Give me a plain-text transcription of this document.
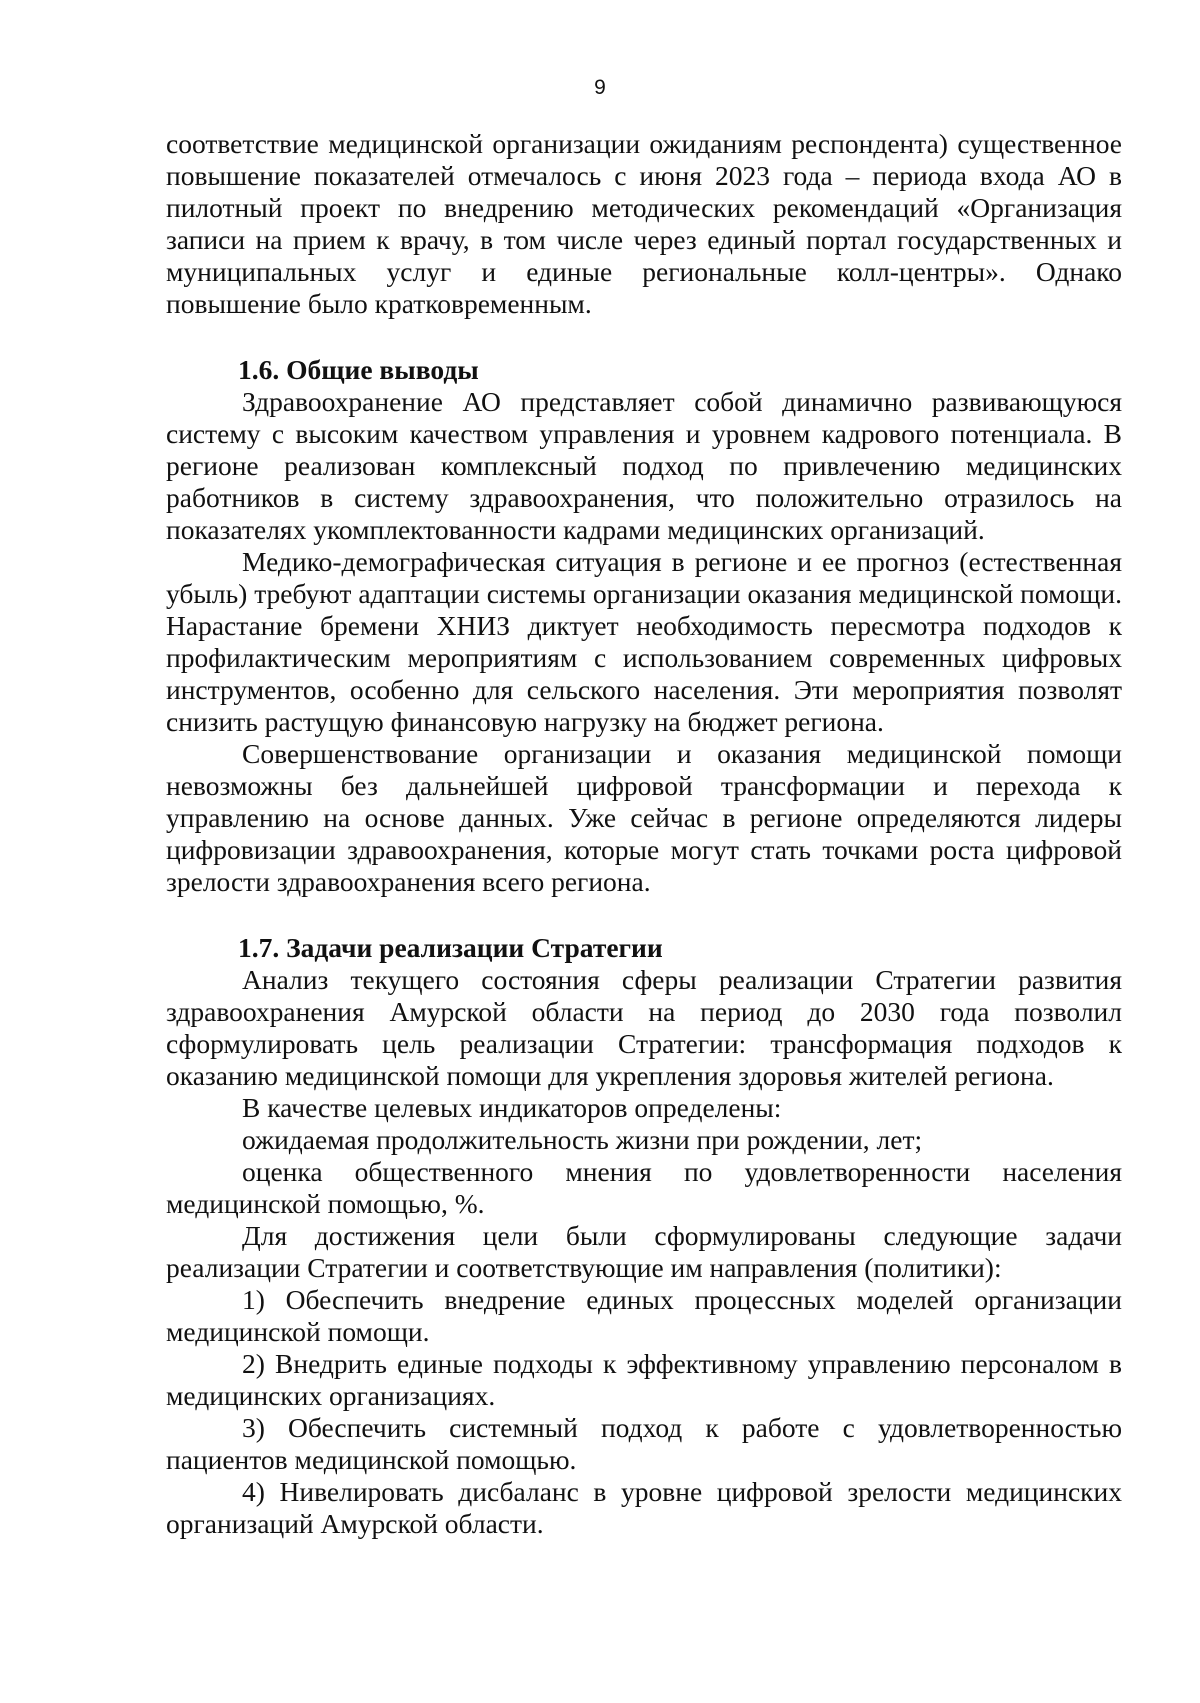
9

соответствие медицинской организации ожиданиям респондента) существенное повышение показателей отмечалось с июня 2023 года – периода входа АО в пилотный проект по внедрению методических рекомендаций «Организация записи на прием к врачу, в том числе через единый портал государственных и муниципальных услуг и единые региональные колл-центры». Однако повышение было кратковременным.

1.6. Общие выводы

Здравоохранение АО представляет собой динамично развивающуюся систему с высоким качеством управления и уровнем кадрового потенциала. В регионе реализован комплексный подход по привлечению медицинских работников в систему здравоохранения, что положительно отразилось на показателях укомплектованности кадрами медицинских организаций.

Медико-демографическая ситуация в регионе и ее прогноз (естественная убыль) требуют адаптации системы организации оказания медицинской помощи. Нарастание бремени ХНИЗ диктует необходимость пересмотра подходов к профилактическим мероприятиям с использованием современных цифровых инструментов, особенно для сельского населения. Эти мероприятия позволят снизить растущую финансовую нагрузку на бюджет региона.

Совершенствование организации и оказания медицинской помощи невозможны без дальнейшей цифровой трансформации и перехода к управлению на основе данных. Уже сейчас в регионе определяются лидеры цифровизации здравоохранения, которые могут стать точками роста цифровой зрелости здравоохранения всего региона.

1.7. Задачи реализации Стратегии

Анализ текущего состояния сферы реализации Стратегии развития здравоохранения Амурской области на период до 2030 года позволил сформулировать цель реализации Стратегии: трансформация подходов к оказанию медицинской помощи для укрепления здоровья жителей региона.

В качестве целевых индикаторов определены:

ожидаемая продолжительность жизни при рождении, лет;

оценка общественного мнения по удовлетворенности населения медицинской помощью, %.

Для достижения цели были сформулированы следующие задачи реализации Стратегии и соответствующие им направления (политики):

1) Обеспечить внедрение единых процессных моделей организации медицинской помощи.

2) Внедрить единые подходы к эффективному управлению персоналом в медицинских организациях.

3) Обеспечить системный подход к работе с удовлетворенностью пациентов медицинской помощью.

4) Нивелировать дисбаланс в уровне цифровой зрелости медицинских организаций Амурской области.
